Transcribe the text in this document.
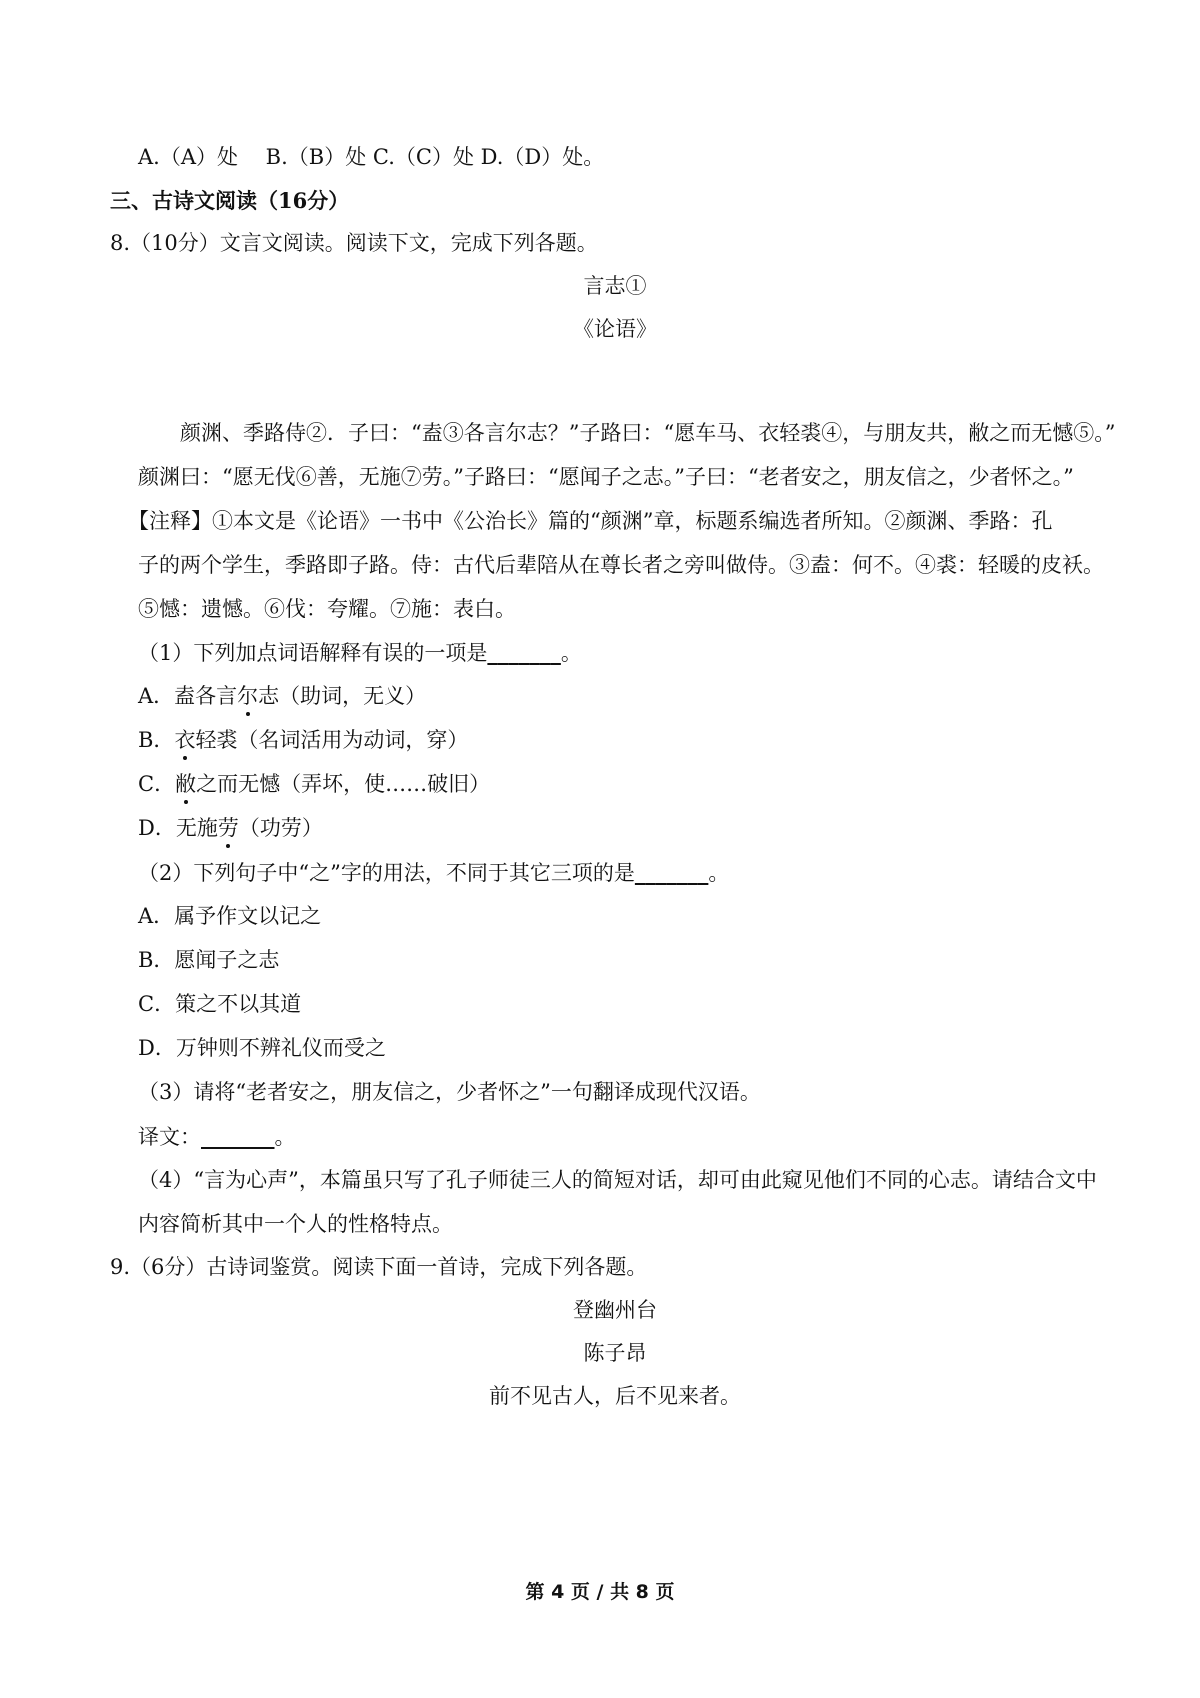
A.（A）处　 B.（B）处 C.（C）处 D.（D）处。
三、古诗文阅读（16分）
8.（10分）文言文阅读。阅读下文，完成下列各题。
言志①
《论语》
颜渊、季路侍②．子曰：“盍③各言尔志？”子路曰：“愿车马、衣轻裘④，与朋友共，敝之而无憾⑤。”
颜渊曰：“愿无伐⑥善，无施⑦劳。”子路曰：“愿闻子之志。”子曰：“老者安之，朋友信之，少者怀之。”
【注释】①本文是《论语》一书中《公治长》篇的“颜渊”章，标题系编选者所知。②颜渊、季路：孔
子的两个学生，季路即子路。侍：古代后辈陪从在尊长者之旁叫做侍。③盍：何不。④裘：轻暖的皮袄。
⑤憾：遗憾。⑥伐：夸耀。⑦施：表白。
（1）下列加点词语解释有误的一项是_______。
A．盍各言尔志（助词，无义）
B．衣轻裘（名词活用为动词，穿）
C．敝之而无憾（弄坏，使……破旧）
D．无施劳（功劳）
（2）下列句子中“之”字的用法，不同于其它三项的是_______。
A．属予作文以记之
B．愿闻子之志
C．策之不以其道
D．万钟则不辨礼仪而受之
（3）请将“老者安之，朋友信之，少者怀之”一句翻译成现代汉语。
译文：_______。
（4）“言为心声”，本篇虽只写了孔子师徒三人的简短对话，却可由此窥见他们不同的心志。请结合文中
内容简析其中一个人的性格特点。
9.（6分）古诗词鉴赏。阅读下面一首诗，完成下列各题。
登幽州台
陈子昂
前不见古人，后不见来者。
第 4 页 / 共 8 页
